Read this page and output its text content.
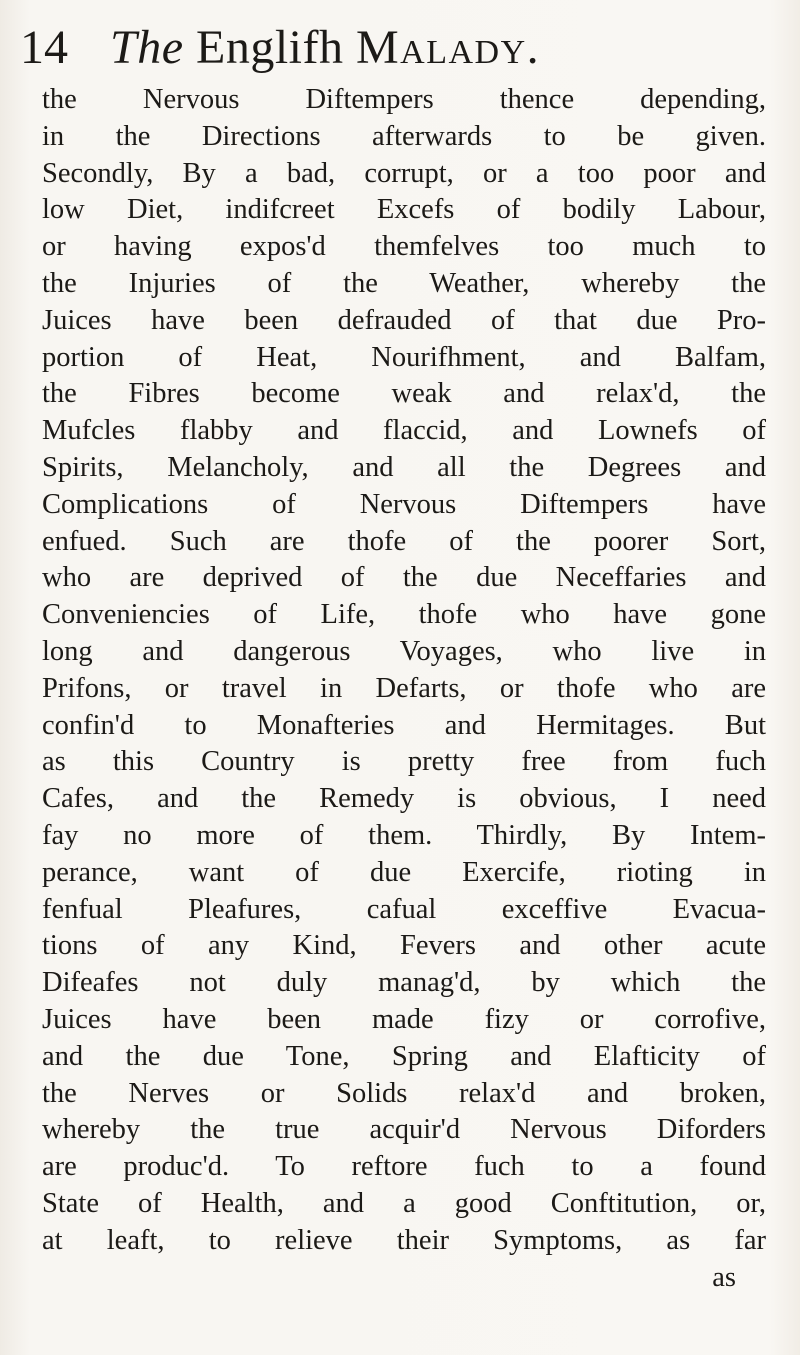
14 The Englifh Malady.
the Nervous Diftempers thence depending,
in the Directions afterwards to be given.
Secondly, By a bad, corrupt, or a too poor and
low Diet, indifcreet Excefs of bodily Labour,
or having expos'd themfelves too much to
the Injuries of the Weather, whereby the
Juices have been defrauded of that due Pro-
portion of Heat, Nourifhment, and Balfam,
the Fibres become weak and relax'd, the
Mufcles flabby and flaccid, and Lownefs of
Spirits, Melancholy, and all the Degrees and
Complications of Nervous Diftempers have
enfued. Such are thofe of the poorer Sort,
who are deprived of the due Neceffaries and
Conveniencies of Life, thofe who have gone
long and dangerous Voyages, who live in
Prifons, or travel in Defarts, or thofe who are
confin'd to Monafteries and Hermitages. But
as this Country is pretty free from fuch
Cafes, and the Remedy is obvious, I need
fay no more of them. Thirdly, By Intem-
perance, want of due Exercife, rioting in
fenfual Pleafures, cafual exceffive Evacua-
tions of any Kind, Fevers and other acute
Difeafes not duly manag'd, by which the
Juices have been made fizy or corrofive,
and the due Tone, Spring and Elafticity of
the Nerves or Solids relax'd and broken,
whereby the true acquir'd Nervous Diforders
are produc'd. To reftore fuch to a found
State of Health, and a good Conftitution, or,
at leaft, to relieve their Symptoms, as far
as
